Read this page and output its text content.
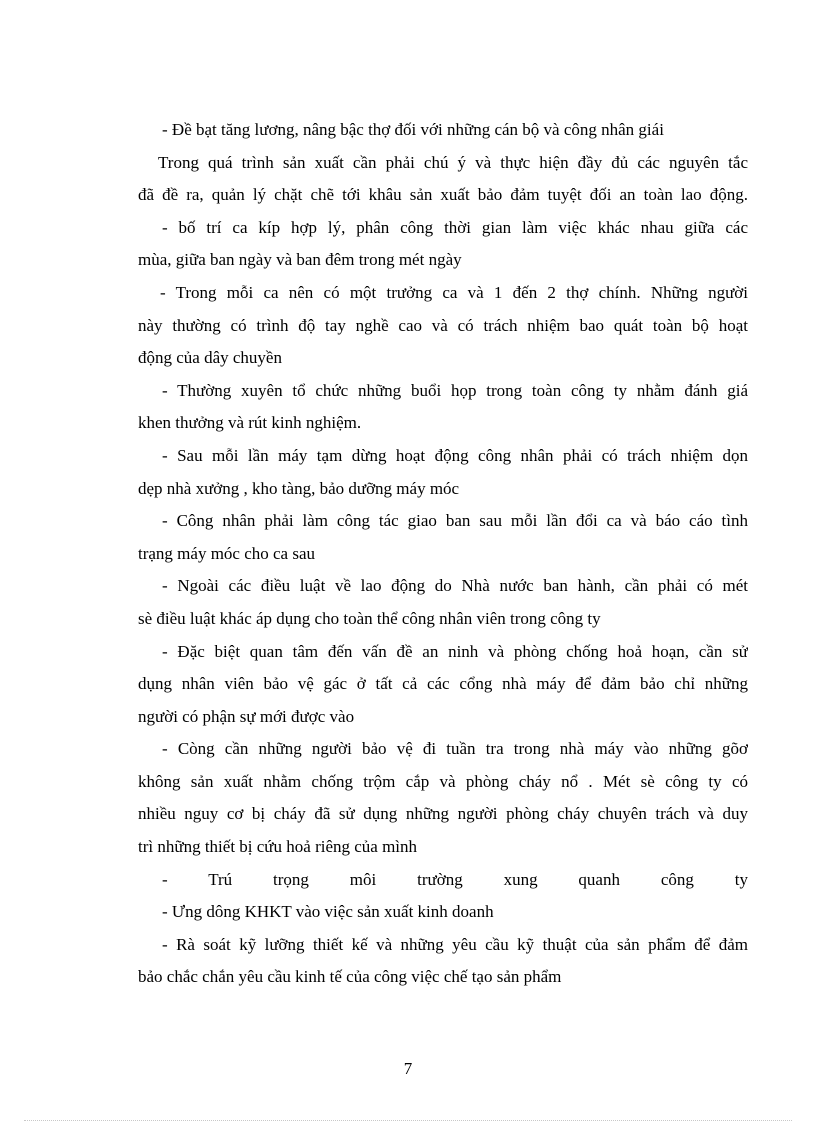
- Đề bạt tăng lương, nâng bậc thợ đối với những cán bộ và công nhân giái
Trong quá trình sản xuất cần phải chú ý và thực hiện đầy đủ các nguyên tắc
đã đề ra, quản lý chặt chẽ tới khâu sản xuất bảo đảm tuyệt đối an toàn lao động.
- bố trí ca kíp hợp lý, phân công thời gian làm việc khác nhau giữa các
mùa, giữa ban ngày và ban đêm trong mét ngày
- Trong mỗi ca nên có một trưởng ca và 1 đến 2 thợ chính. Những người
này thường có trình độ tay nghề cao và có trách nhiệm bao quát toàn bộ hoạt
động của dây chuyền
- Thường xuyên tổ chức những buổi họp trong toàn công ty nhằm đánh giá
khen thưởng và rút kinh nghiệm.
- Sau mỗi lần máy tạm dừng hoạt động công nhân phải có trách nhiệm dọn
dẹp nhà xưởng , kho tàng, bảo dưỡng máy móc
- Công nhân phải làm công tác giao ban sau mỗi lần đổi ca và báo cáo tình
trạng máy móc cho ca sau
- Ngoài các điều luật về lao động do Nhà nước ban hành, cần phải có mét
sè điều luật khác áp dụng cho toàn thể công nhân viên trong công ty
- Đặc biệt quan tâm đến vấn đề an ninh và phòng chống hoả hoạn, cần sử
dụng nhân viên bảo vệ gác ở tất cả các cổng nhà máy để đảm bảo chỉ những
người có phận sự mới được vào
- Còng cần những người bảo vệ đi tuần tra trong nhà máy vào những gõơ
không sản xuất nhằm chống trộm cắp và phòng cháy nổ . Mét sè công ty có
nhiều nguy cơ bị cháy đã sử dụng những người phòng cháy chuyên trách và duy
trì những thiết bị cứu hoả riêng của mình
- Trú trọng môi trường xung quanh công ty
- Ưng dông KHKT vào việc sản xuất kinh doanh
- Rà soát kỹ lưỡng thiết kế và những yêu cầu kỹ thuật của sản phẩm để đảm
bảo chắc chắn yêu cầu kinh tế của công việc chế tạo sản phẩm
7
